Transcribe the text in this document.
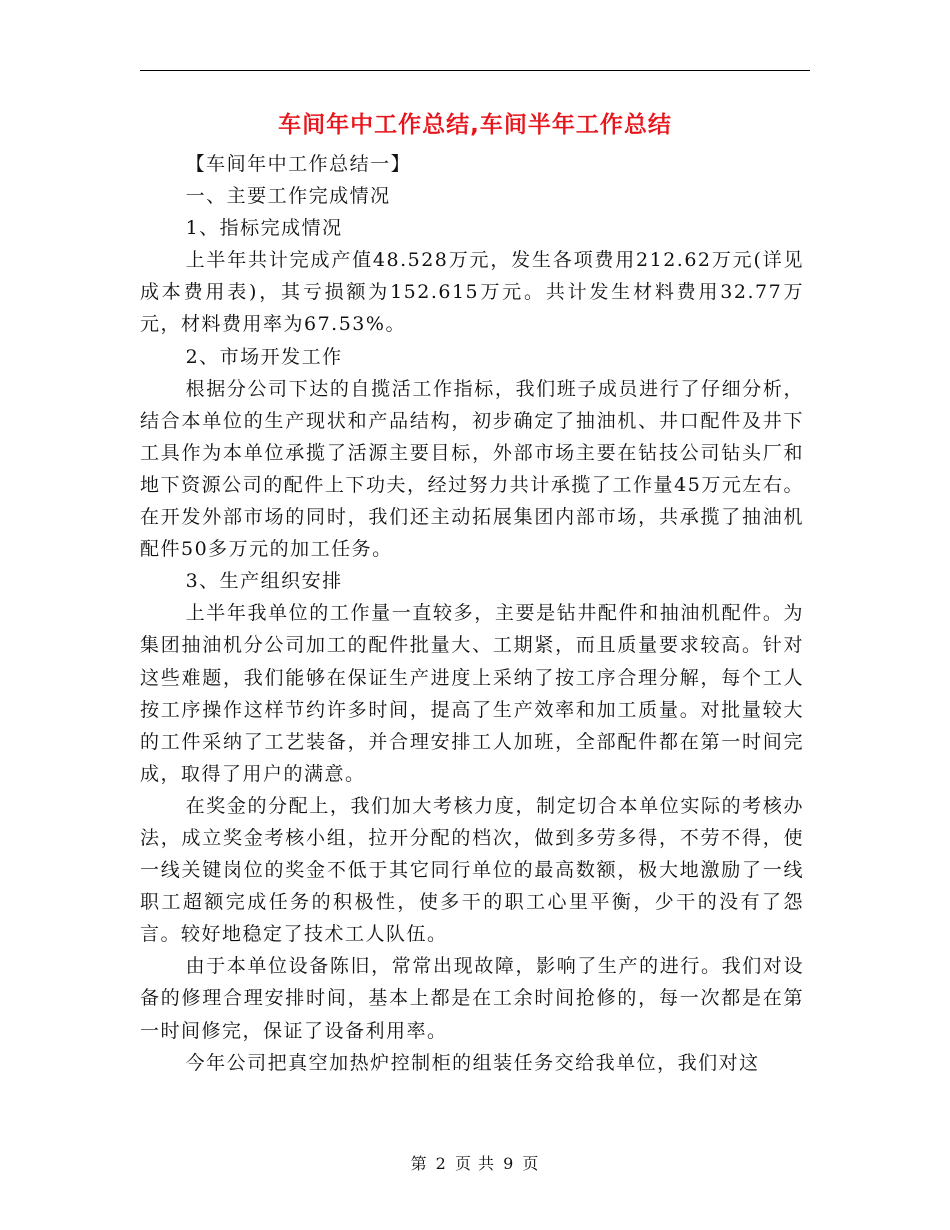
车间年中工作总结,车间半年工作总结

【车间年中工作总结一】

一、主要工作完成情况

1、指标完成情况

上半年共计完成产值48.528万元，发生各项费用212.62万元(详见成本费用表)，其亏损额为152.615万元。共计发生材料费用32.77万元，材料费用率为67.53%。

2、市场开发工作

根据分公司下达的自揽活工作指标，我们班子成员进行了仔细分析，结合本单位的生产现状和产品结构，初步确定了抽油机、井口配件及井下工具作为本单位承揽了活源主要目标，外部市场主要在钻技公司钻头厂和地下资源公司的配件上下功夫，经过努力共计承揽了工作量45万元左右。在开发外部市场的同时，我们还主动拓展集团内部市场，共承揽了抽油机配件50多万元的加工任务。

3、生产组织安排

上半年我单位的工作量一直较多，主要是钻井配件和抽油机配件。为集团抽油机分公司加工的配件批量大、工期紧，而且质量要求较高。针对这些难题，我们能够在保证生产进度上采纳了按工序合理分解，每个工人按工序操作这样节约许多时间，提高了生产效率和加工质量。对批量较大的工件采纳了工艺装备，并合理安排工人加班，全部配件都在第一时间完成，取得了用户的满意。

在奖金的分配上，我们加大考核力度，制定切合本单位实际的考核办法，成立奖金考核小组，拉开分配的档次，做到多劳多得，不劳不得，使一线关键岗位的奖金不低于其它同行单位的最高数额，极大地激励了一线职工超额完成任务的积极性，使多干的职工心里平衡，少干的没有了怨言。较好地稳定了技术工人队伍。

由于本单位设备陈旧，常常出现故障，影响了生产的进行。我们对设备的修理合理安排时间，基本上都是在工余时间抢修的，每一次都是在第一时间修完，保证了设备利用率。

今年公司把真空加热炉控制柜的组装任务交给我单位，我们对这

第 2 页 共 9 页
